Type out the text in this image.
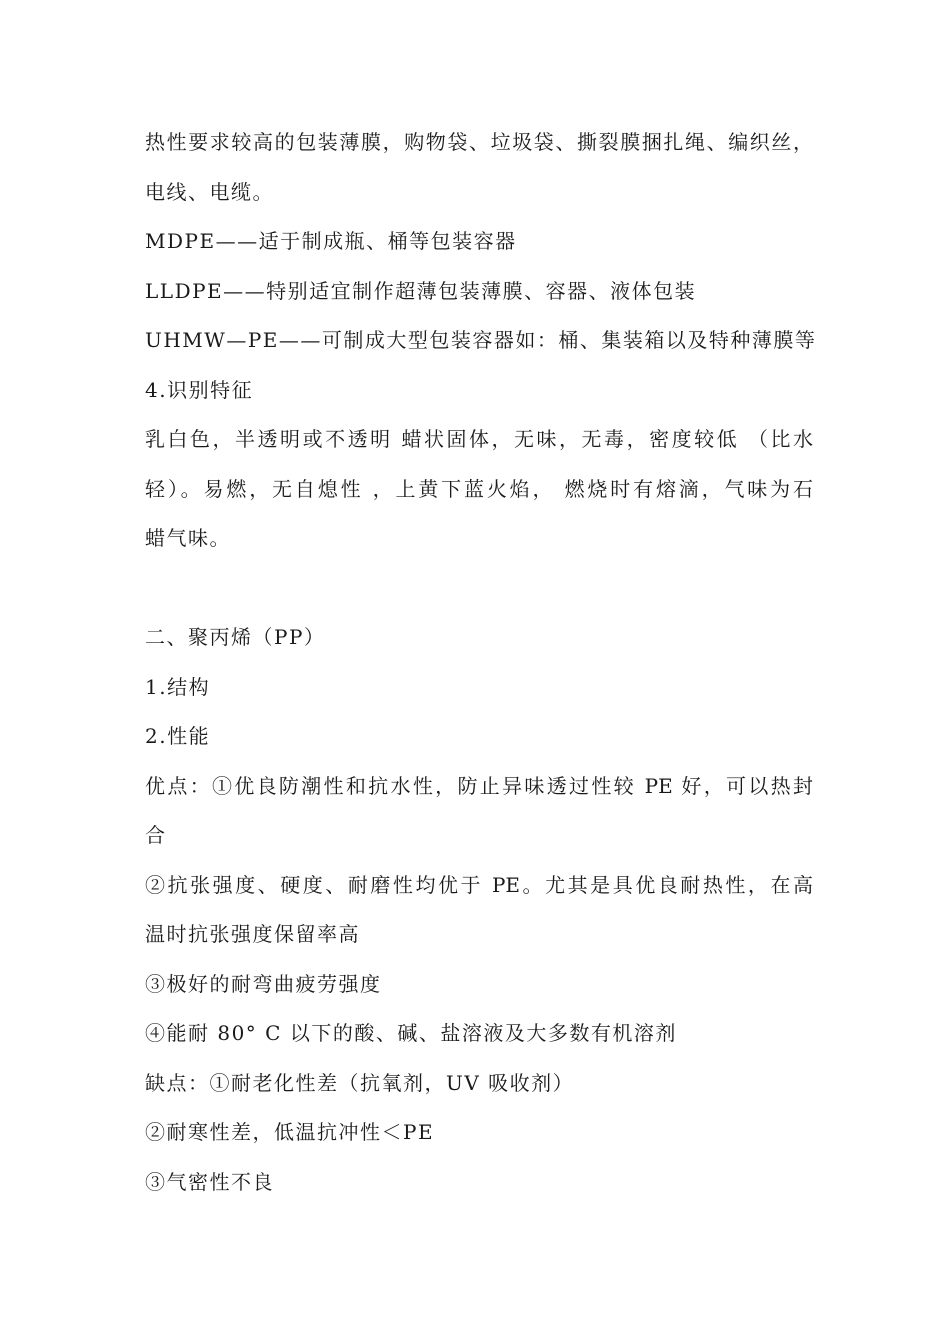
热性要求较高的包装薄膜，购物袋、垃圾袋、撕裂膜捆扎绳、编织丝，
电线、电缆。
MDPE——适于制成瓶、桶等包装容器
LLDPE——特别适宜制作超薄包装薄膜、容器、液体包装
UHMW—PE——可制成大型包装容器如：桶、集装箱以及特种薄膜等
4.识别特征
乳白色，半透明或不透明 蜡状固体，无味，无毒，密度较低 （比水
轻）。易燃，无自熄性 ，上黄下蓝火焰， 燃烧时有熔滴，气味为石
蜡气味。
二、聚丙烯（PP）
1.结构
2.性能
优点：①优良防潮性和抗水性，防止异味透过性较 PE 好，可以热封
合
②抗张强度、硬度、耐磨性均优于 PE。尤其是具优良耐热性，在高
温时抗张强度保留率高
③极好的耐弯曲疲劳强度
④能耐 80° C 以下的酸、碱、盐溶液及大多数有机溶剂
缺点：①耐老化性差（抗氧剂，UV 吸收剂）
②耐寒性差，低温抗冲性＜PE
③气密性不良
